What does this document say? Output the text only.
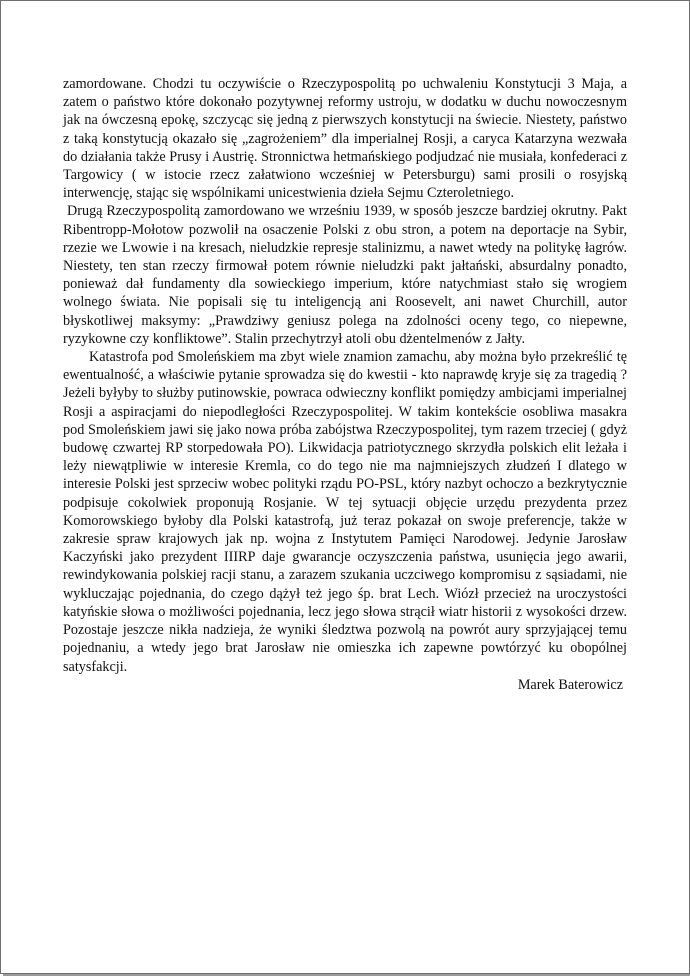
zamordowane. Chodzi tu oczywiście o Rzeczypospolitą po uchwaleniu Konstytucji 3 Maja, a zatem o państwo które dokonało pozytywnej reformy ustroju, w dodatku w duchu nowoczesnym jak na ówczesną epokę, szczycąc się jedną z pierwszych konstytucji na świecie. Niestety, państwo z taką konstytucją okazało się „zagrożeniem” dla imperialnej Rosji, a caryca Katarzyna wezwała do działania także Prusy i Austrię. Stronnictwa hetmańskiego podjudzać nie musiała, konfederaci z Targowicy ( w istocie rzecz załatwiono wcześniej w Petersburgu) sami prosili o rosyjską interwencję, stając się wspólnikami unicestwienia dzieła Sejmu Czteroletniego.

Drugą Rzeczypospolitą zamordowano we wrześniu 1939, w sposób jeszcze bardziej okrutny. Pakt Ribentropp-Mołotow pozwolił na osaczenie Polski z obu stron, a potem na deportacje na Sybir, rzezie we Lwowie i na kresach, nieludzkie represje stalinizmu, a nawet wtedy na politykę łagrów. Niestety, ten stan rzeczy firmował potem równie nieludzki pakt jałtański, absurdalny ponadto, ponieważ dał fundamenty dla sowieckiego imperium, które natychmiast stało się wrogiem wolnego świata. Nie popisali się tu inteligencją ani Roosevelt, ani nawet Churchill, autor błyskotliwej maksymy: „Prawdziwy geniusz polega na zdolności oceny tego, co niepewne, ryzykowne czy konfliktowe”. Stalin przechytrzył atoli obu dżentelmenów z Jałty.

Katastrofa pod Smoleńskiem ma zbyt wiele znamion zamachu, aby można było przekreślić tę ewentualność, a właściwie pytanie sprowadza się do kwestii - kto naprawdę kryje się za tragedią ? Jeżeli byłyby to służby putinowskie, powraca odwieczny konflikt pomiędzy ambicjami imperialnej Rosji a aspiracjami do niepodległości Rzeczypospolitej. W takim kontekście osobliwa masakra pod Smoleńskiem jawi się jako nowa próba zabójstwa Rzeczypospolitej, tym razem trzeciej ( gdyż budowę czwartej RP storpedowała PO). Likwidacja patriotycznego skrzydła polskich elit leżała i leży niewątpliwie w interesie Kremla, co do tego nie ma najmniejszych złudzeń I dlatego w interesie Polski jest sprzeciw wobec polityki rządu PO-PSL, który nazbyt ochoczo a bezkrytycznie podpisuje cokolwiek proponują Rosjanie. W tej sytuacji objęcie urzędu prezydenta przez Komorowskiego byłoby dla Polski katastrofą, już teraz pokazał on swoje preferencje, także w zakresie spraw krajowych jak np. wojna z Instytutem Pamięci Narodowej. Jedynie Jarosław Kaczyński jako prezydent IIIRP daje gwarancje oczyszczenia państwa, usunięcia jego awarii, rewindykowania polskiej racji stanu, a zarazem szukania uczciwego kompromisu z sąsiadami, nie wykluczając pojednania, do czego dążył też jego śp. brat Lech. Wiózł przecież na uroczystości katyńskie słowa o możliwości pojednania, lecz jego słowa strącił wiatr historii z wysokości drzew. Pozostaje jeszcze nikła nadzieja, że wyniki śledztwa pozwolą na powrót aury sprzyjającej temu pojednaniu, a wtedy jego brat Jarosław nie omieszka ich zapewne powtórzyć ku obopólnej satysfakcji.

Marek Baterowicz
